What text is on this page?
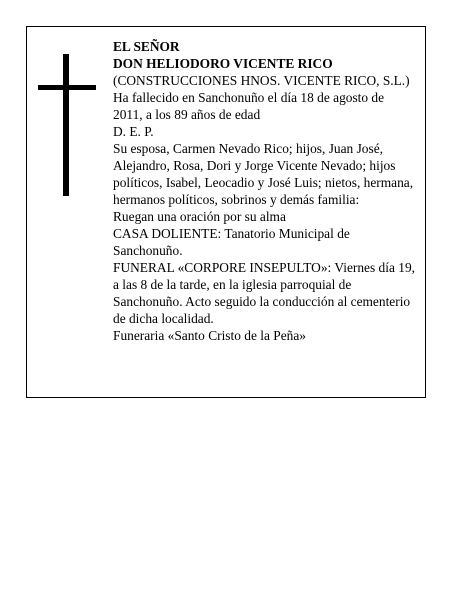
EL SEÑOR

DON HELIODORO VICENTE RICO

(CONSTRUCCIONES HNOS. VICENTE RICO, S.L.)

Ha fallecido en Sanchonuño el día 18 de agosto de

2011, a los 89 años de edad

D. E. P.

Su esposa, Carmen Nevado Rico; hijos, Juan José,

Alejandro, Rosa, Dori y Jorge Vicente Nevado; hijos

políticos, Isabel, Leocadio y José Luis; nietos, hermana,

hermanos políticos, sobrinos y demás familia:

Ruegan una oración por su alma

CASA DOLIENTE: Tanatorio Municipal de

Sanchonuño.

FUNERAL «CORPORE INSEPULTO»: Viernes día 19,

a las 8 de la tarde, en la iglesia parroquial de

Sanchonuño. Acto seguido la conducción al cementerio

de dicha localidad.

Funeraria «Santo Cristo de la Peña»
